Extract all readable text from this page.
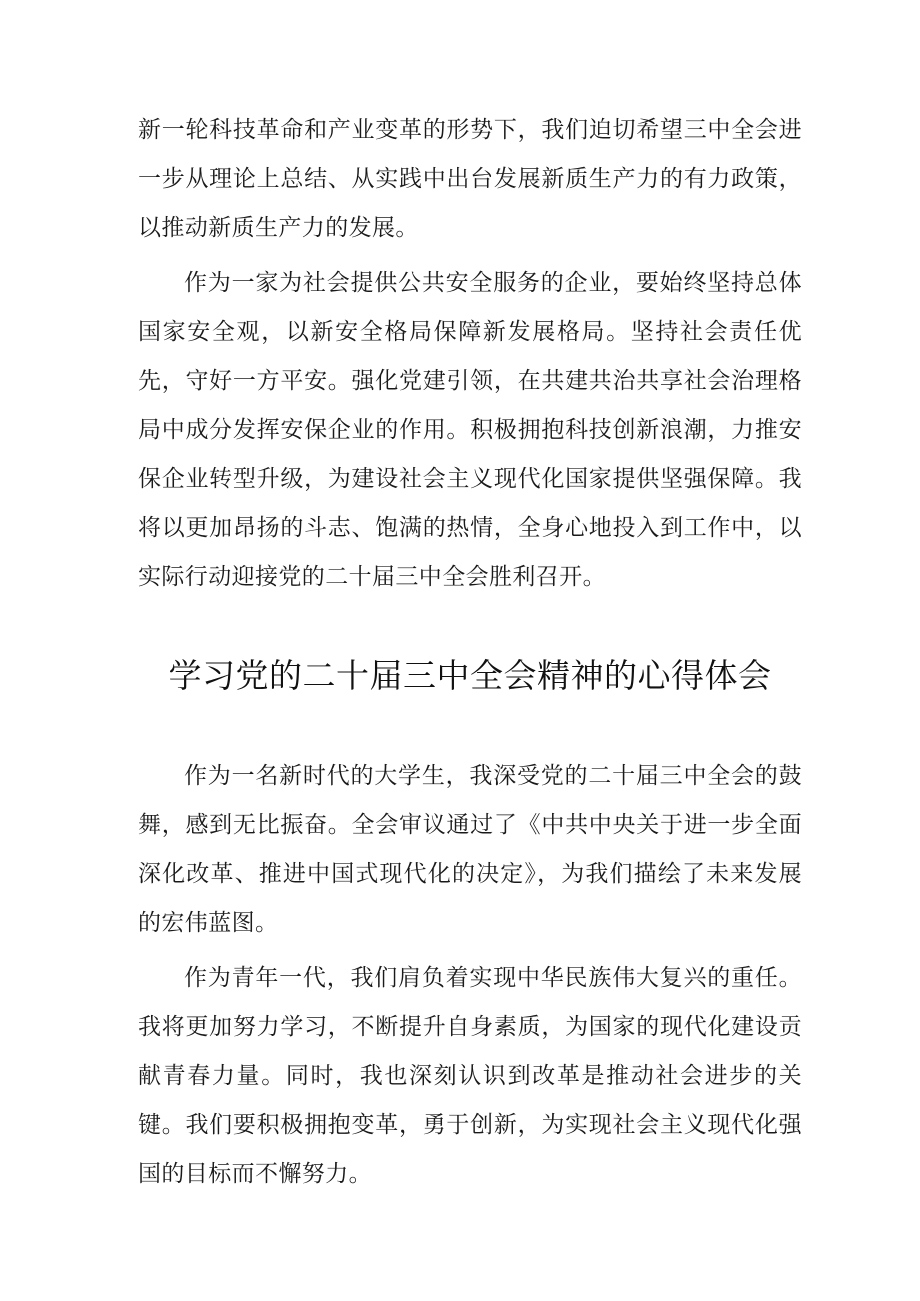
新一轮科技革命和产业变革的形势下，我们迫切希望三中全会进一步从理论上总结、从实践中出台发展新质生产力的有力政策，以推动新质生产力的发展。

作为一家为社会提供公共安全服务的企业，要始终坚持总体国家安全观，以新安全格局保障新发展格局。坚持社会责任优先，守好一方平安。强化党建引领，在共建共治共享社会治理格局中成分发挥安保企业的作用。积极拥抱科技创新浪潮，力推安保企业转型升级，为建设社会主义现代化国家提供坚强保障。我将以更加昂扬的斗志、饱满的热情，全身心地投入到工作中，以实际行动迎接党的二十届三中全会胜利召开。

学习党的二十届三中全会精神的心得体会

作为一名新时代的大学生，我深受党的二十届三中全会的鼓舞，感到无比振奋。全会审议通过了《中共中央关于进一步全面深化改革、推进中国式现代化的决定》，为我们描绘了未来发展的宏伟蓝图。

作为青年一代，我们肩负着实现中华民族伟大复兴的重任。我将更加努力学习，不断提升自身素质，为国家的现代化建设贡献青春力量。同时，我也深刻认识到改革是推动社会进步的关键。我们要积极拥抱变革，勇于创新，为实现社会主义现代化强国的目标而不懈努力。
